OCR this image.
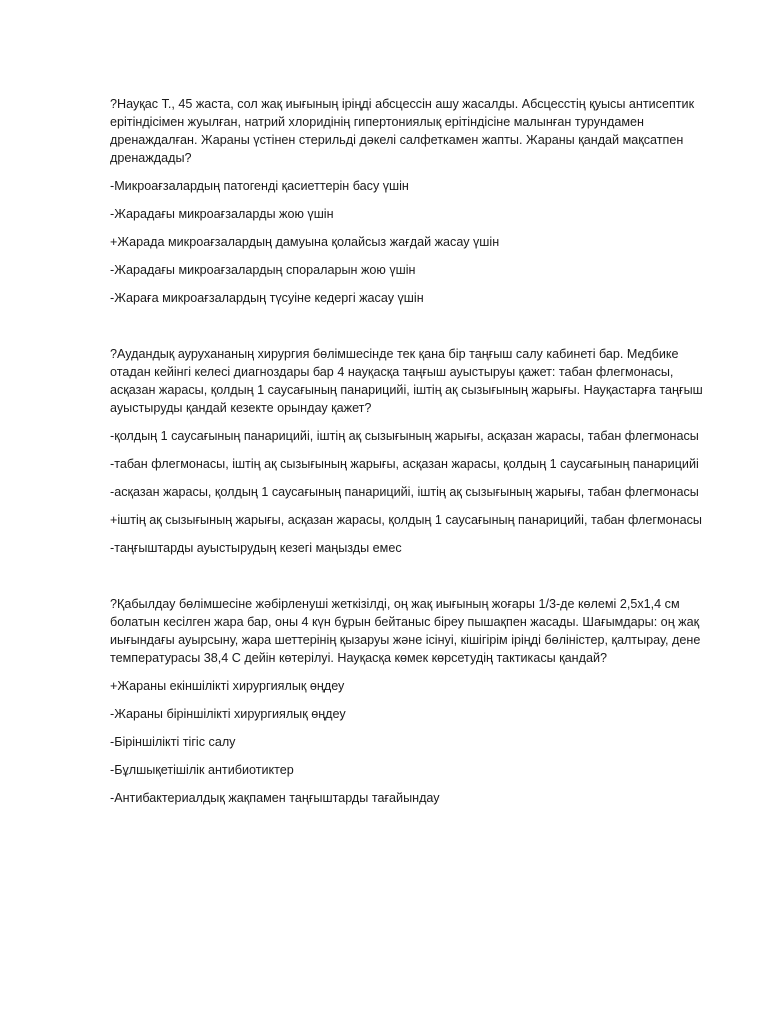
?Науқас Т., 45 жаста, сол жақ иығының іріңді абсцессін ашу жасалды. Абсцесстің қуысы антисептик ерітіндісімен жуылған, натрий хлоридінің гипертониялық ерітіндісіне малынған турундамен дренаждалған. Жараны үстінен стерильді дәкелі салфеткамен жапты. Жараны қандай мақсатпен дренаждады?

-Микроағзалардың патогенді қасиеттерін басу үшін

-Жарадағы микроағзаларды жою үшін

+Жарада микроағзалардың дамуына қолайсыз жағдай жасау үшін

-Жарадағы микроағзалардың спораларын жою үшін

-Жараға микроағзалардың түсуіне кедергі жасау үшін

?Аудандық аурухананың хирургия бөлімшесінде тек қана бір таңғыш салу кабинеті бар. Медбике отадан кейінгі келесі диагноздары бар 4 науқасқа таңғыш ауыстыруы қажет: табан флегмонасы, асқазан жарасы, қолдың 1 саусағының панарицийі, іштің ақ сызығының жарығы. Науқастарға таңғыш ауыстыруды қандай кезекте орындау қажет?

-қолдың 1 саусағының панарицийі, іштің ақ сызығының жарығы, асқазан жарасы, табан флегмонасы

-табан флегмонасы, іштің ақ сызығының жарығы, асқазан жарасы, қолдың 1 саусағының панарицийі

-асқазан жарасы, қолдың 1 саусағының панарицийі, іштің ақ сызығының жарығы, табан флегмонасы

+іштің ақ сызығының жарығы, асқазан жарасы, қолдың 1 саусағының панарицийі, табан флегмонасы

-таңғыштарды ауыстырудың кезегі маңызды емес

?Қабылдау бөлімшесіне жәбірленуші жеткізілді, оң жақ иығының жоғары 1/3-де көлемі 2,5х1,4 см болатын кесілген жара бар, оны 4 күн бұрын бейтаныс біреу пышақпен жасады. Шағымдары: оң жақ иығындағы ауырсыну, жара шеттерінің қызаруы және ісінуі, кішігірім іріңді бөліністер, қалтырау, дене температурасы 38,4 С дейін көтерілуі. Науқасқа көмек көрсетудің тактикасы қандай?

+Жараны екіншілікті хирургиялық өңдеу

-Жараны біріншілікті хирургиялық өңдеу

-Біріншілікті тігіс салу

-Бұлшықетішілік антибиотиктер

-Антибактериалдық жақпамен таңғыштарды тағайындау
